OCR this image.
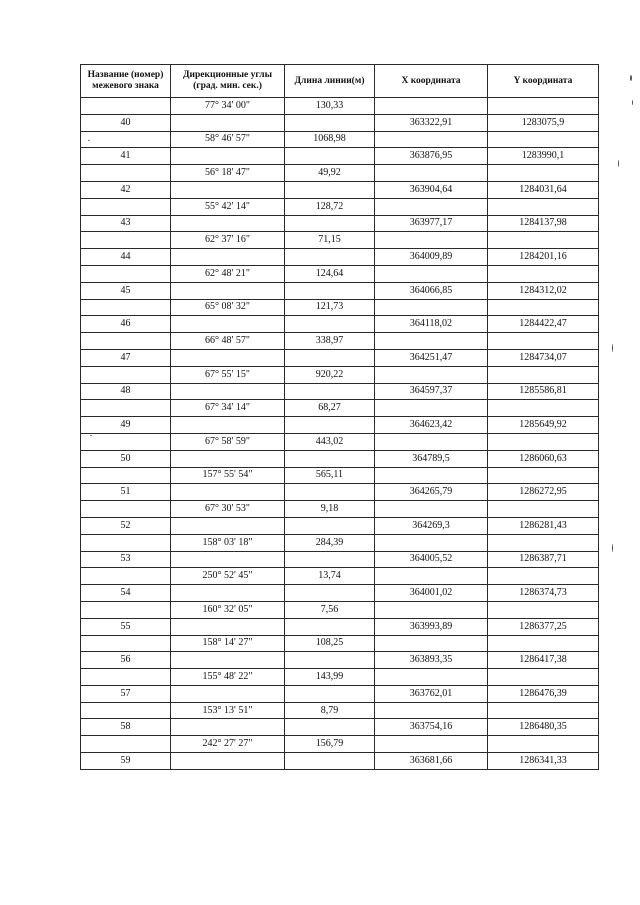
Название (номер) межевого знака	Дирекционные углы (град. мин. сек.)	Длина линии(м)	X координата	Y координата
	77° 34' 00"	130,33		
40			363322,91	1283075,9
	58° 46' 57"	1068,98		
41			363876,95	1283990,1
	56° 18' 47"	49,92		
42			363904,64	1284031,64
	55° 42' 14"	128,72		
43			363977,17	1284137,98
	62° 37' 16"	71,15		
44			364009,89	1284201,16
	62° 48' 21"	124,64		
45			364066,85	1284312,02
	65° 08' 32"	121,73		
46			364118,02	1284422,47
	66° 48' 57"	338,97		
47			364251,47	1284734,07
	67° 55' 15"	920,22		
48			364597,37	1285586,81
	67° 34' 14"	68,27		
49			364623,42	1285649,92
	67° 58' 59"	443,02		
50			364789,5	1286060,63
	157° 55' 54"	565,11		
51			364265,79	1286272,95
	67° 30' 53"	9,18		
52			364269,3	1286281,43
	158° 03' 18"	284,39		
53			364005,52	1286387,71
	250° 52' 45"	13,74		
54			364001,02	1286374,73
	160° 32' 05"	7,56		
55			363993,89	1286377,25
	158° 14' 27"	108,25		
56			363893,35	1286417,38
	155° 48' 22"	143,99		
57			363762,01	1286476,39
	153° 13' 51"	8,79		
58			363754,16	1286480,35
	242° 27' 27"	156,79		
59			363681,66	1286341,33
